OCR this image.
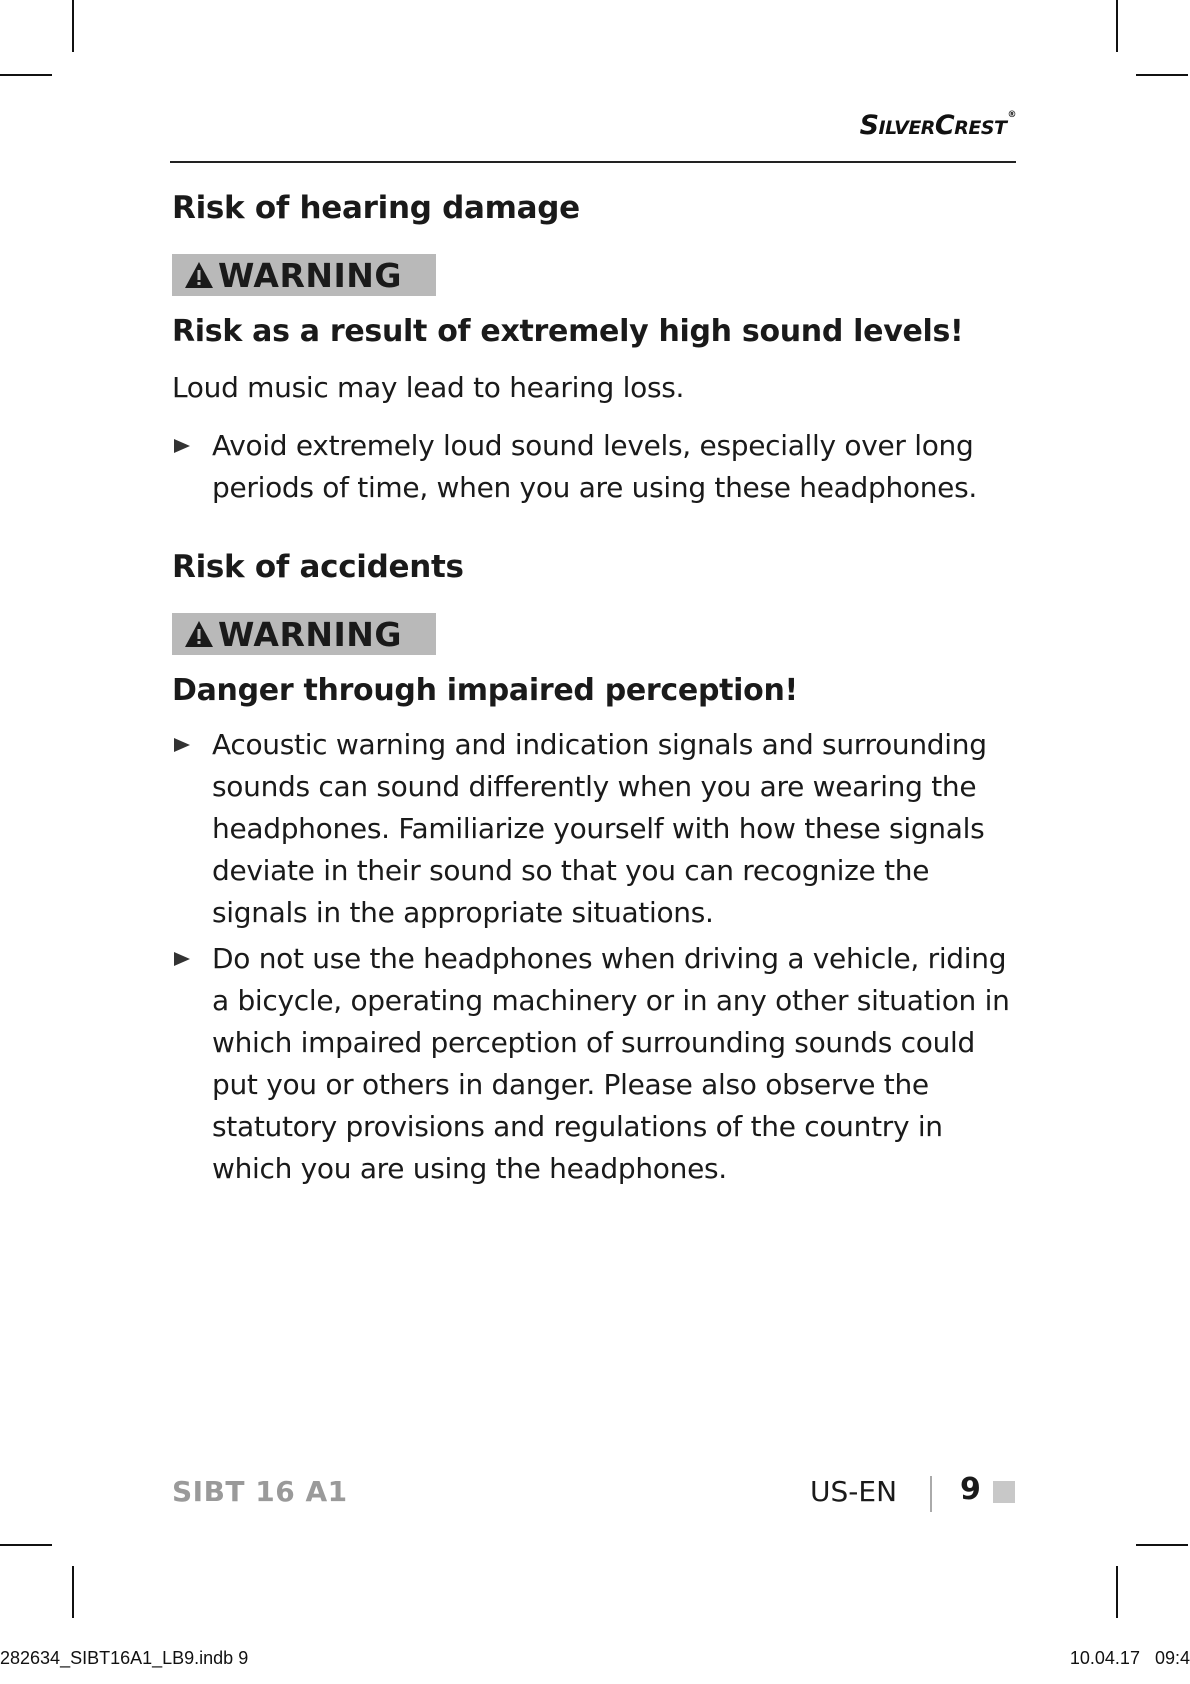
SilverCrest®
Risk of hearing damage
WARNING
Risk as a result of extremely high sound levels!
Loud music may lead to hearing loss.
Avoid extremely loud sound levels, especially over long periods of time, when you are using these headphones.
Risk of accidents
WARNING
Danger through impaired perception!
Acoustic warning and indication signals and surrounding sounds can sound differently when you are wearing the headphones. Familiarize yourself with how these signals deviate in their sound so that you can recognize the signals in the appropriate situations.
Do not use the headphones when driving a vehicle, riding a bicycle, operating machinery or in any other situation in which impaired perception of surrounding sounds could put you or others in danger. Please also observe the statutory provisions and regulations of the country in which you are using the headphones.
SIBT 16 A1	US-EN 9
282634_SIBT16A1_LB9.indb 9	10.04.17   09:4
